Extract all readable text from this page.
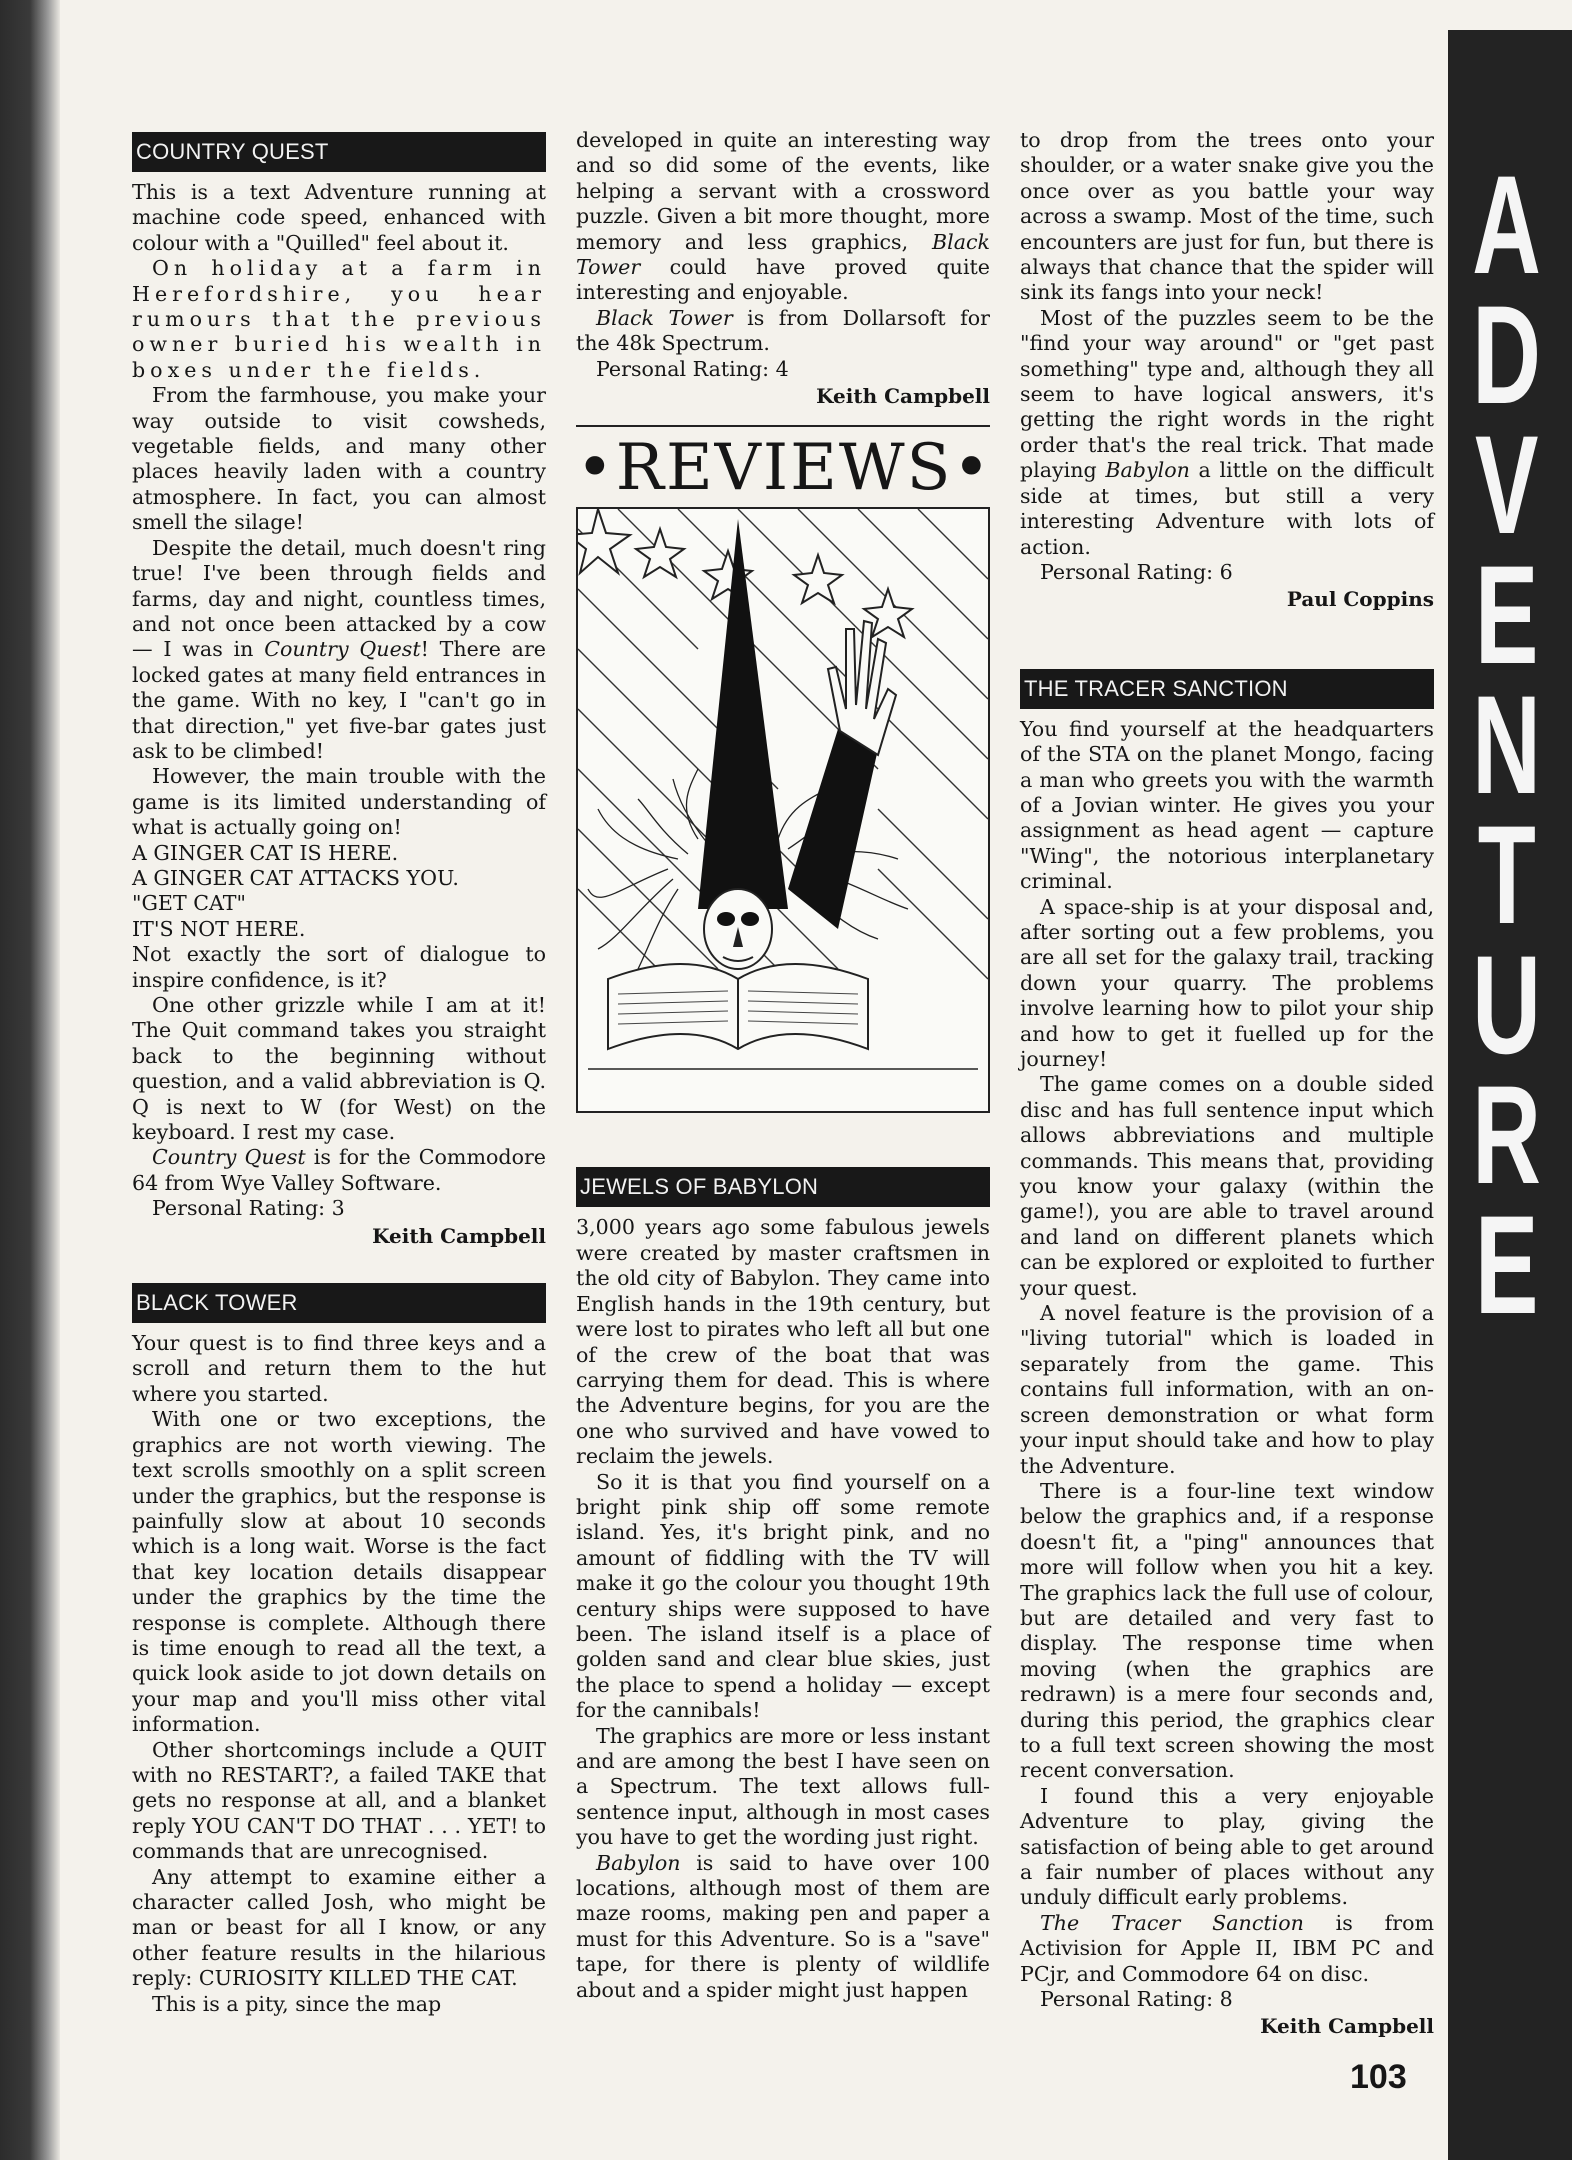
COUNTRY QUEST

This is a text Adventure running at machine code speed, enhanced with colour with a "Quilled" feel about it.

On holiday at a farm in Herefordshire, you hear rumours that the previous owner buried his wealth in boxes under the fields.

From the farmhouse, you make your way outside to visit cowsheds, vegetable fields, and many other places heavily laden with a country atmosphere. In fact, you can almost smell the silage!

Despite the detail, much doesn't ring true! I've been through fields and farms, day and night, countless times, and not once been attacked by a cow — I was in Country Quest! There are locked gates at many field entrances in the game. With no key, I "can't go in that direction," yet five-bar gates just ask to be climbed!

However, the main trouble with the game is its limited understanding of what is actually going on!

A GINGER CAT IS HERE.

A GINGER CAT ATTACKS YOU.

"GET CAT"

IT'S NOT HERE.

Not exactly the sort of dialogue to inspire confidence, is it?

One other grizzle while I am at it! The Quit command takes you straight back to the beginning without question, and a valid abbreviation is Q. Q is next to W (for West) on the keyboard. I rest my case.

Country Quest is for the Commodore 64 from Wye Valley Software.

Personal Rating: 3

Keith Campbell
BLACK TOWER

Your quest is to find three keys and a scroll and return them to the hut where you started.

With one or two exceptions, the graphics are not worth viewing. The text scrolls smoothly on a split screen under the graphics, but the response is painfully slow at about 10 seconds which is a long wait. Worse is the fact that key location details disappear under the graphics by the time the response is complete. Although there is time enough to read all the text, a quick look aside to jot down details on your map and you'll miss other vital information.

Other shortcomings include a QUIT with no RESTART?, a failed TAKE that gets no response at all, and a blanket reply YOU CAN'T DO THAT . . . YET! to commands that are unrecognised.

Any attempt to examine either a character called Josh, who might be man or beast for all I know, or any other feature results in the hilarious reply: CURIOSITY KILLED THE CAT.

This is a pity, since the map

developed in quite an interesting way and so did some of the events, like helping a servant with a crossword puzzle. Given a bit more thought, more memory and less graphics, Black Tower could have proved quite interesting and enjoyable.

Black Tower is from Dollarsoft for the 48k Spectrum.

Personal Rating: 4

Keith Campbell
•REVIEWS•
JEWELS OF BABYLON

3,000 years ago some fabulous jewels were created by master craftsmen in the old city of Babylon. They came into English hands in the 19th century, but were lost to pirates who left all but one of the crew of the boat that was carrying them for dead. This is where the Adventure begins, for you are the one who survived and have vowed to reclaim the jewels.

So it is that you find yourself on a bright pink ship off some remote island. Yes, it's bright pink, and no amount of fiddling with the TV will make it go the colour you thought 19th century ships were supposed to have been. The island itself is a place of golden sand and clear blue skies, just the place to spend a holiday — except for the cannibals!

The graphics are more or less instant and are among the best I have seen on a Spectrum. The text allows full-sentence input, although in most cases you have to get the wording just right.

Babylon is said to have over 100 locations, although most of them are maze rooms, making pen and paper a must for this Adventure. So is a "save" tape, for there is plenty of wildlife about and a spider might just happen

to drop from the trees onto your shoulder, or a water snake give you the once over as you battle your way across a swamp. Most of the time, such encounters are just for fun, but there is always that chance that the spider will sink its fangs into your neck!

Most of the puzzles seem to be the "find your way around" or "get past something" type and, although they all seem to have logical answers, it's getting the right words in the right order that's the real trick. That made playing Babylon a little on the difficult side at times, but still a very interesting Adventure with lots of action.

Personal Rating: 6

Paul Coppins
THE TRACER SANCTION

You find yourself at the headquarters of the STA on the planet Mongo, facing a man who greets you with the warmth of a Jovian winter. He gives you your assignment as head agent — capture "Wing", the notorious interplanetary criminal.

A space-ship is at your disposal and, after sorting out a few problems, you are all set for the galaxy trail, tracking down your quarry. The problems involve learning how to pilot your ship and how to get it fuelled up for the journey!

The game comes on a double sided disc and has full sentence input which allows abbreviations and multiple commands. This means that, providing you know your galaxy (within the game!), you are able to travel around and land on different planets which can be explored or exploited to further your quest.

A novel feature is the provision of a "living tutorial" which is loaded in separately from the game. This contains full information, with an on-screen demonstration or what form your input should take and how to play the Adventure.

There is a four-line text window below the graphics and, if a response doesn't fit, a "ping" announces that more will follow when you hit a key. The graphics lack the full use of colour, but are detailed and very fast to display. The response time when moving (when the graphics are redrawn) is a mere four seconds and, during this period, the graphics clear to a full text screen showing the most recent conversation.

I found this a very enjoyable Adventure to play, giving the satisfaction of being able to get around a fair number of places without any unduly difficult early problems.

The Tracer Sanction is from Activision for Apple II, IBM PC and PCjr, and Commodore 64 on disc.

Personal Rating: 8

Keith Campbell
A
D
V
E
N
T
U
R
E
103
